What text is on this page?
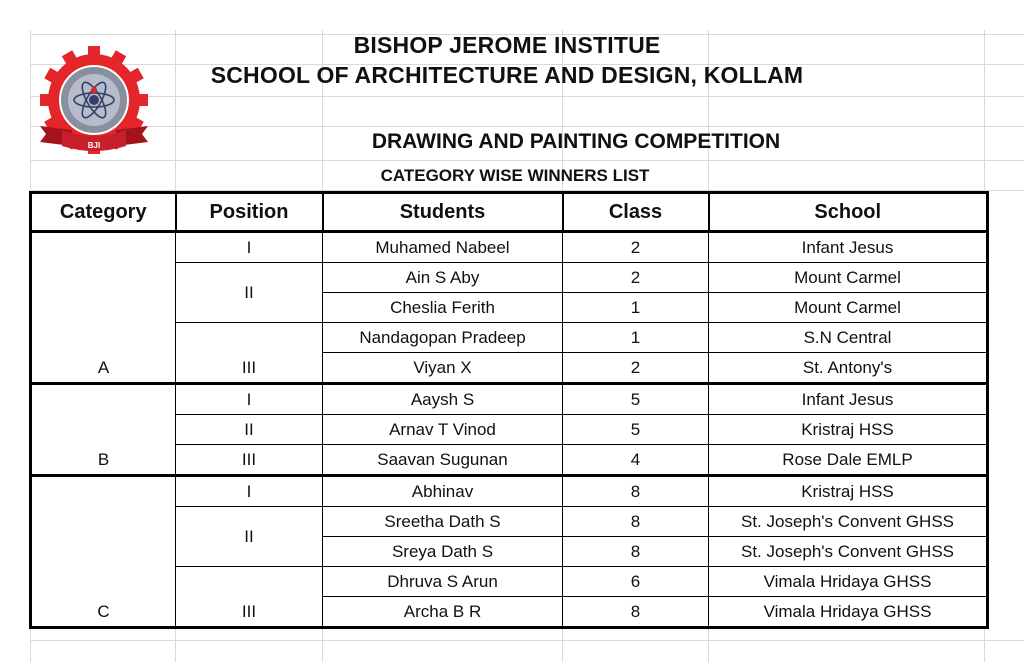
BJI
BISHOP JEROME INSTITUE
SCHOOL OF ARCHITECTURE AND DESIGN, KOLLAM
DRAWING AND PAINTING COMPETITION
CATEGORY WISE WINNERS LIST
Category	Position	Students	Class	School
A	I	Muhamed Nabeel	2	Infant Jesus
	II	Ain S Aby	2	Mount Carmel
		Cheslia Ferith	1	Mount Carmel
	III	Nandagopan Pradeep	1	S.N Central
		Viyan X	2	St. Antony's
B	I	Aaysh S	5	Infant Jesus
	II	Arnav T Vinod	5	Kristraj HSS
	III	Saavan Sugunan	4	Rose Dale EMLP
C	I	Abhinav	8	Kristraj HSS
	II	Sreetha Dath S	8	St. Joseph's Convent GHSS
		Sreya Dath S	8	St. Joseph's Convent GHSS
	III	Dhruva S Arun	6	Vimala Hridaya GHSS
		Archa B R	8	Vimala Hridaya GHSS
